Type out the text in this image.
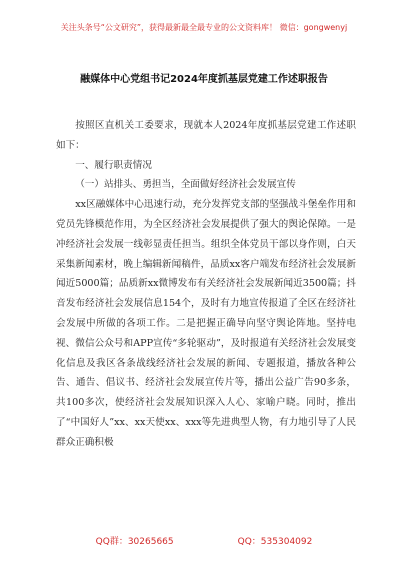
关注头条号“公文研究”，获得最新最全最专业的公文资料库！ 微信：gongwenyj
融媒体中心党组书记2024年度抓基层党建工作述职报告

按照区直机关工委要求，现就本人2024年度抓基层党建工作述职如下：

一、履行职责情况

（一）站排头、勇担当，全面做好经济社会发展宣传

xx区融媒体中心迅速行动，充分发挥党支部的坚强战斗堡垒作用和党员先锋模范作用，为全区经济社会发展提供了强大的舆论保障。一是冲经济社会发展一线彰显责任担当。组织全体党员干部以身作则，白天采集新闻素材，晚上编辑新闻稿件，品质xx客户端发布经济社会发展新闻近5000篇；品质新xx微博发布有关经济社会发展新闻近3500篇；抖音发布经济社会发展信息154个，及时有力地宣传报道了全区在经济社会发展中所做的各项工作。二是把握正确导向坚守舆论阵地。坚持电视、微信公众号和APP宣传“多轮驱动”，及时报道有关经济社会发展变化信息及我区各条战线经济社会发展的新闻、专题报道，播放各种公告、通告、倡议书、经济社会发展宣传片等，播出公益广告90多条，共100多次，使经济社会发展知识深入人心、家喻户晓。同时，推出了“中国好人”xx、xx天使xx、xxx等先进典型人物，有力地引导了人民群众正确积极

QQ群：30265665	QQ：535304092
